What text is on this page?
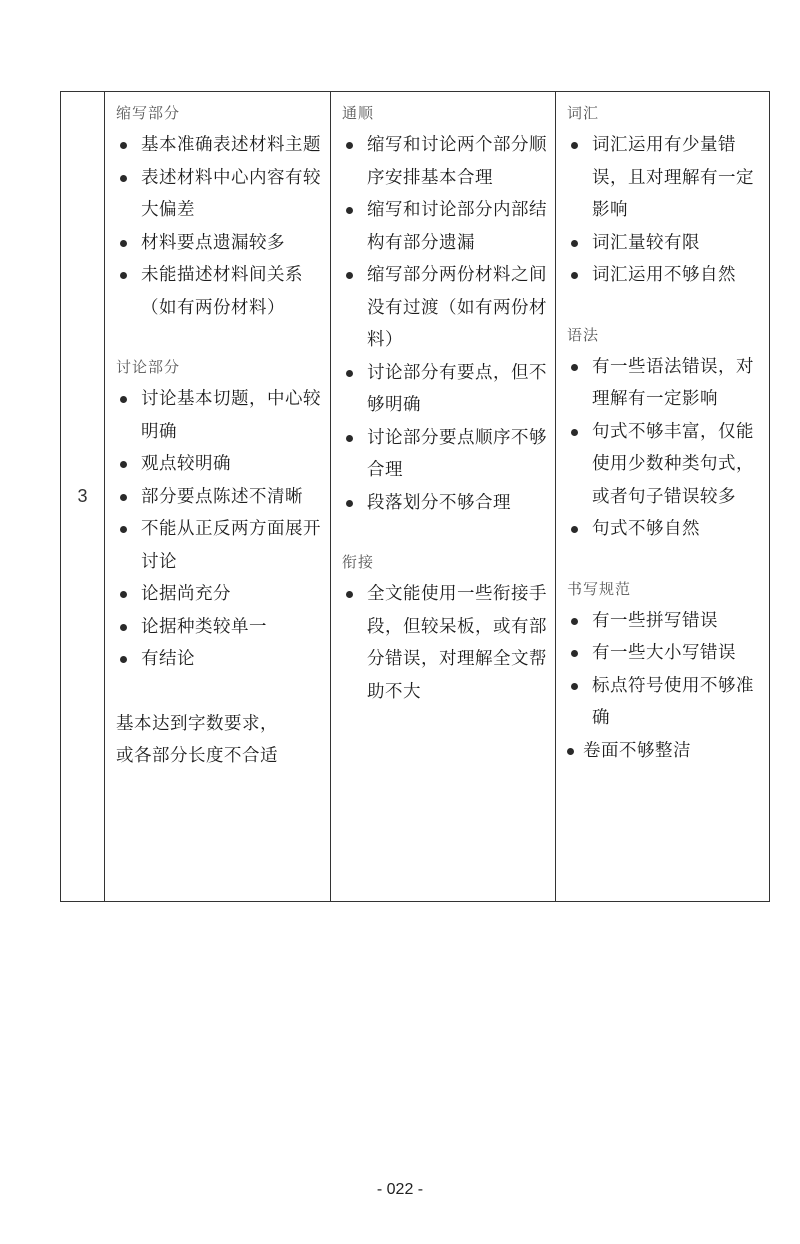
3
缩写部分
基本准确表述材料主题
表述材料中心内容有较大偏差
材料要点遗漏较多
未能描述材料间关系（如有两份材料）
讨论部分
讨论基本切题，中心较明确
观点较明确
部分要点陈述不清晰
不能从正反两方面展开讨论
论据尚充分
论据种类较单一
有结论
基本达到字数要求，
或各部分长度不合适
通顺
缩写和讨论两个部分顺序安排基本合理
缩写和讨论部分内部结构有部分遗漏
缩写部分两份材料之间没有过渡（如有两份材料）
讨论部分有要点，但不够明确
讨论部分要点顺序不够合理
段落划分不够合理
衔接
全文能使用一些衔接手段，但较呆板，或有部分错误，对理解全文帮助不大
词汇
词汇运用有少量错误，且对理解有一定影响
词汇量较有限
词汇运用不够自然
语法
有一些语法错误，对理解有一定影响
句式不够丰富，仅能使用少数种类句式，或者句子错误较多
句式不够自然
书写规范
有一些拼写错误
有一些大小写错误
标点符号使用不够准确
卷面不够整洁
- 022 -
